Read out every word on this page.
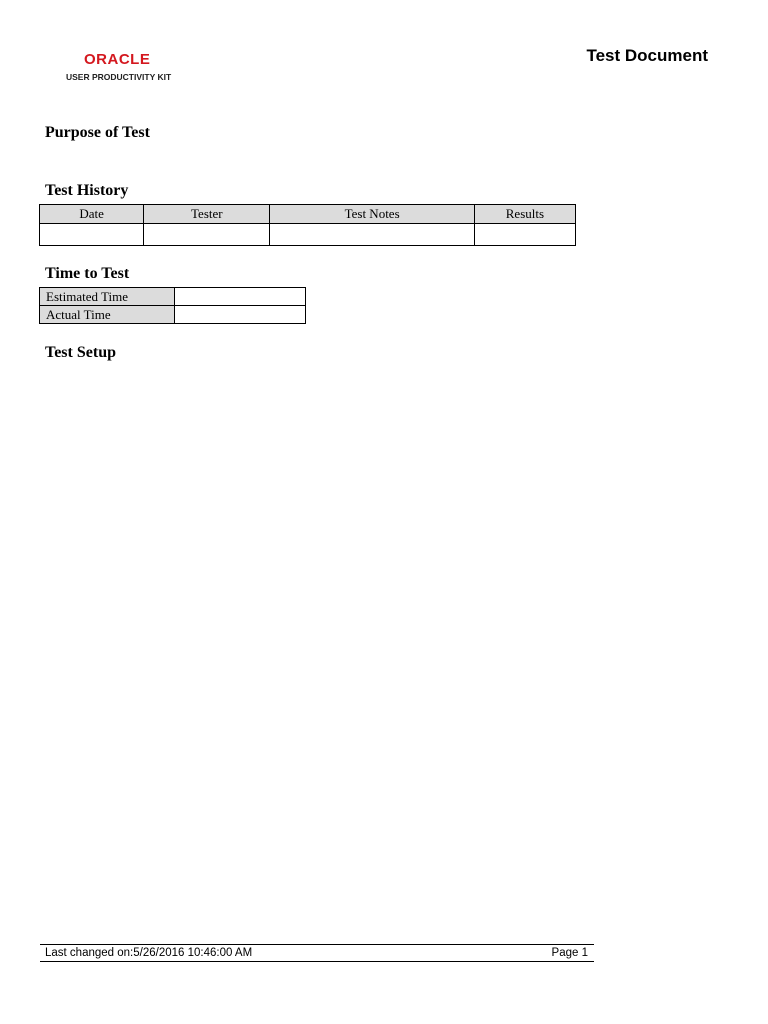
ORACLE
USER PRODUCTIVITY KIT
Test Document
Purpose of Test
Test History
Date	Tester	Test Notes	Results

Time to Test
Estimated Time	
Actual Time	
Test Setup
Last changed on:5/26/2016 10:46:00 AM	Page 1
